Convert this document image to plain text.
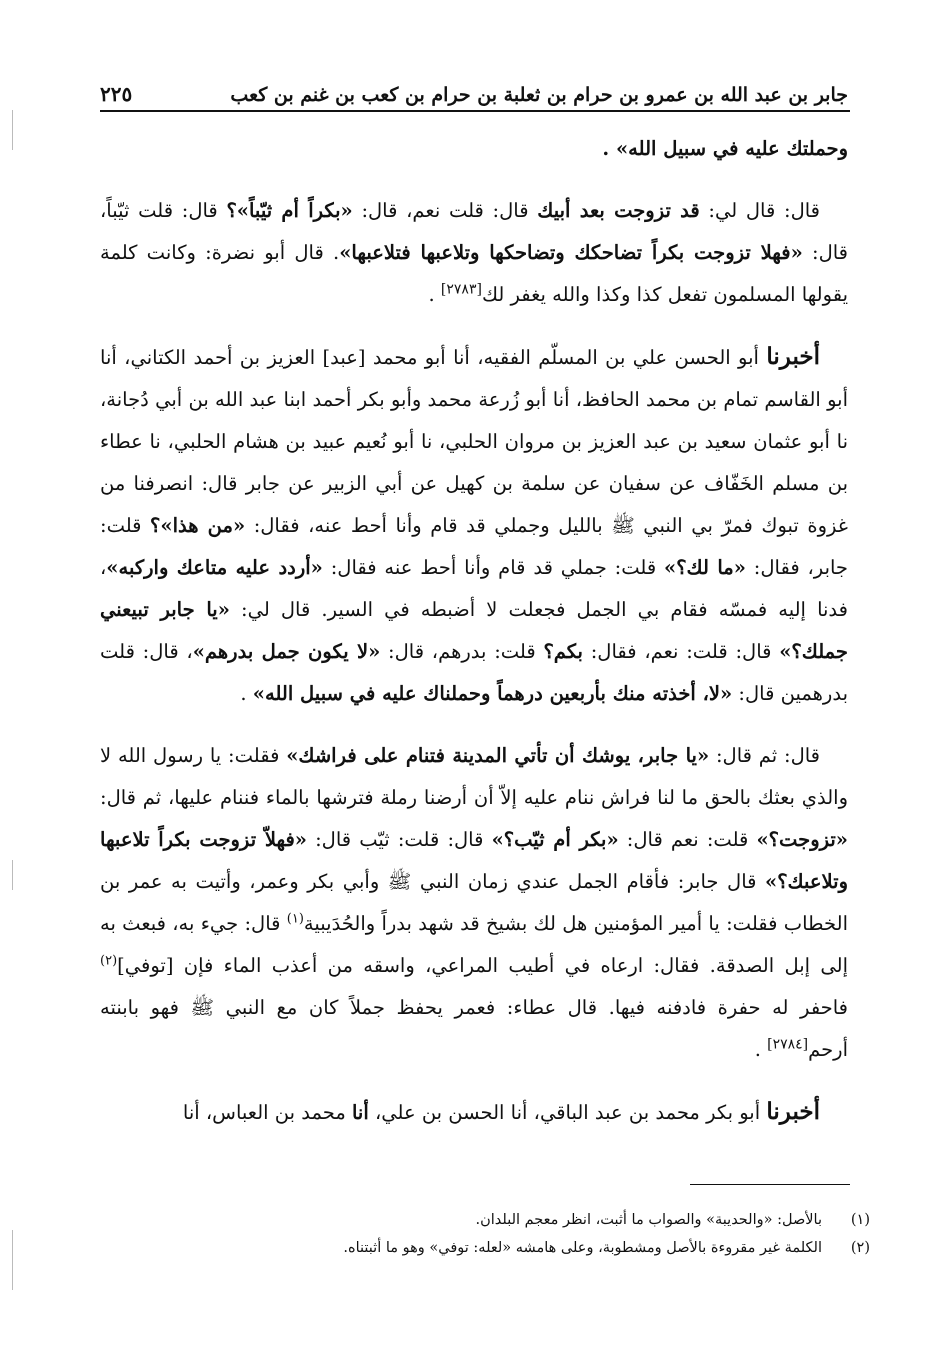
جابر بن عبد الله بن عمرو بن حرام بن ثعلبة بن حرام بن كعب بن غنم بن كعب
٢٢٥

وحملتك عليه في سبيل الله» .

قال: قال لي: قد تزوجت بعد أبيك قال: قلت نعم، قال: «بكراً أم ثيّباً»؟ قال: قلت ثيّباً، قال: «فهلا تزوجت بكراً تضاحكك وتضاحكها وتلاعبها فتلاعبها». قال أبو نضرة: وكانت كلمة يقولها المسلمون تفعل كذا وكذا والله يغفر لك[٢٧٨٣] .

أخبرنا أبو الحسن علي بن المسلّم الفقيه، أنا أبو محمد [عبد] العزيز بن أحمد الكتاني، أنا أبو القاسم تمام بن محمد الحافظ، أنا أبو زُرعة محمد وأبو بكر أحمد ابنا عبد الله بن أبي دُجانة، نا أبو عثمان سعيد بن عبد العزيز بن مروان الحلبي، نا أبو نُعيم عبيد بن هشام الحلبي، نا عطاء بن مسلم الخَفّاف عن سفيان عن سلمة بن كهيل عن أبي الزبير عن جابر قال: انصرفنا من غزوة تبوك فمرّ بي النبي ﷺ بالليل وجملي قد قام وأنا أحط عنه، فقال: «من هذا»؟ قلت: جابر، فقال: «ما لك؟» قلت: جملي قد قام وأنا أحط عنه فقال: «أردد عليه متاعك واركبه»، فدنا إليه فمسّه فقام بي الجمل فجعلت لا أضبطه في السير. قال لي: «يا جابر تبيعني جملك؟» قال: قلت: نعم، فقال: بكم؟ قلت: بدرهم، قال: «لا يكون جمل بدرهم»، قال: قلت بدرهمين قال: «لا، أخذته منك بأربعين درهماً وحملناك عليه في سبيل الله» .

قال: ثم قال: «يا جابر، يوشك أن تأتي المدينة فتنام على فراشك» فقلت: يا رسول الله لا والذي بعثك بالحق ما لنا فراش ننام عليه إلاّ أن أرضنا رملة فترشها بالماء فننام عليها، ثم قال: «تزوجت؟» قلت: نعم قال: «بكر أم ثيّب؟» قال: قلت: ثيّب قال: «فهلاّ تزوجت بكراً تلاعبها وتلاعبك؟» قال جابر: فأقام الجمل عندي زمان النبي ﷺ وأبي بكر وعمر، وأتيت به عمر بن الخطاب فقلت: يا أمير المؤمنين هل لك بشيخ قد شهد بدراً والحُدَيبية$^{(١)}$ قال: جيء به، فبعث به إلى إبل الصدقة. فقال: ارعاه في أطيب المراعي، واسقه من أعذب الماء فإن [توفي]$^{(٢)}$ فاحفر له حفرة فادفنه فيها. قال عطاء: فعمر يحفظ جملاً كان مع النبي ﷺ فهو بابنته أرحم[٢٧٨٤] .

أخبرنا أبو بكر محمد بن عبد الباقي، أنا الحسن بن علي، أنا محمد بن العباس، أنا

(١)
بالأصل: «والحديبة» والصواب ما أثبت، انظر معجم البلدان.
(٢)
الكلمة غير مقروءة بالأصل ومشطوبة، وعلى هامشه «لعله: توفي» وهو ما أثبتناه.
